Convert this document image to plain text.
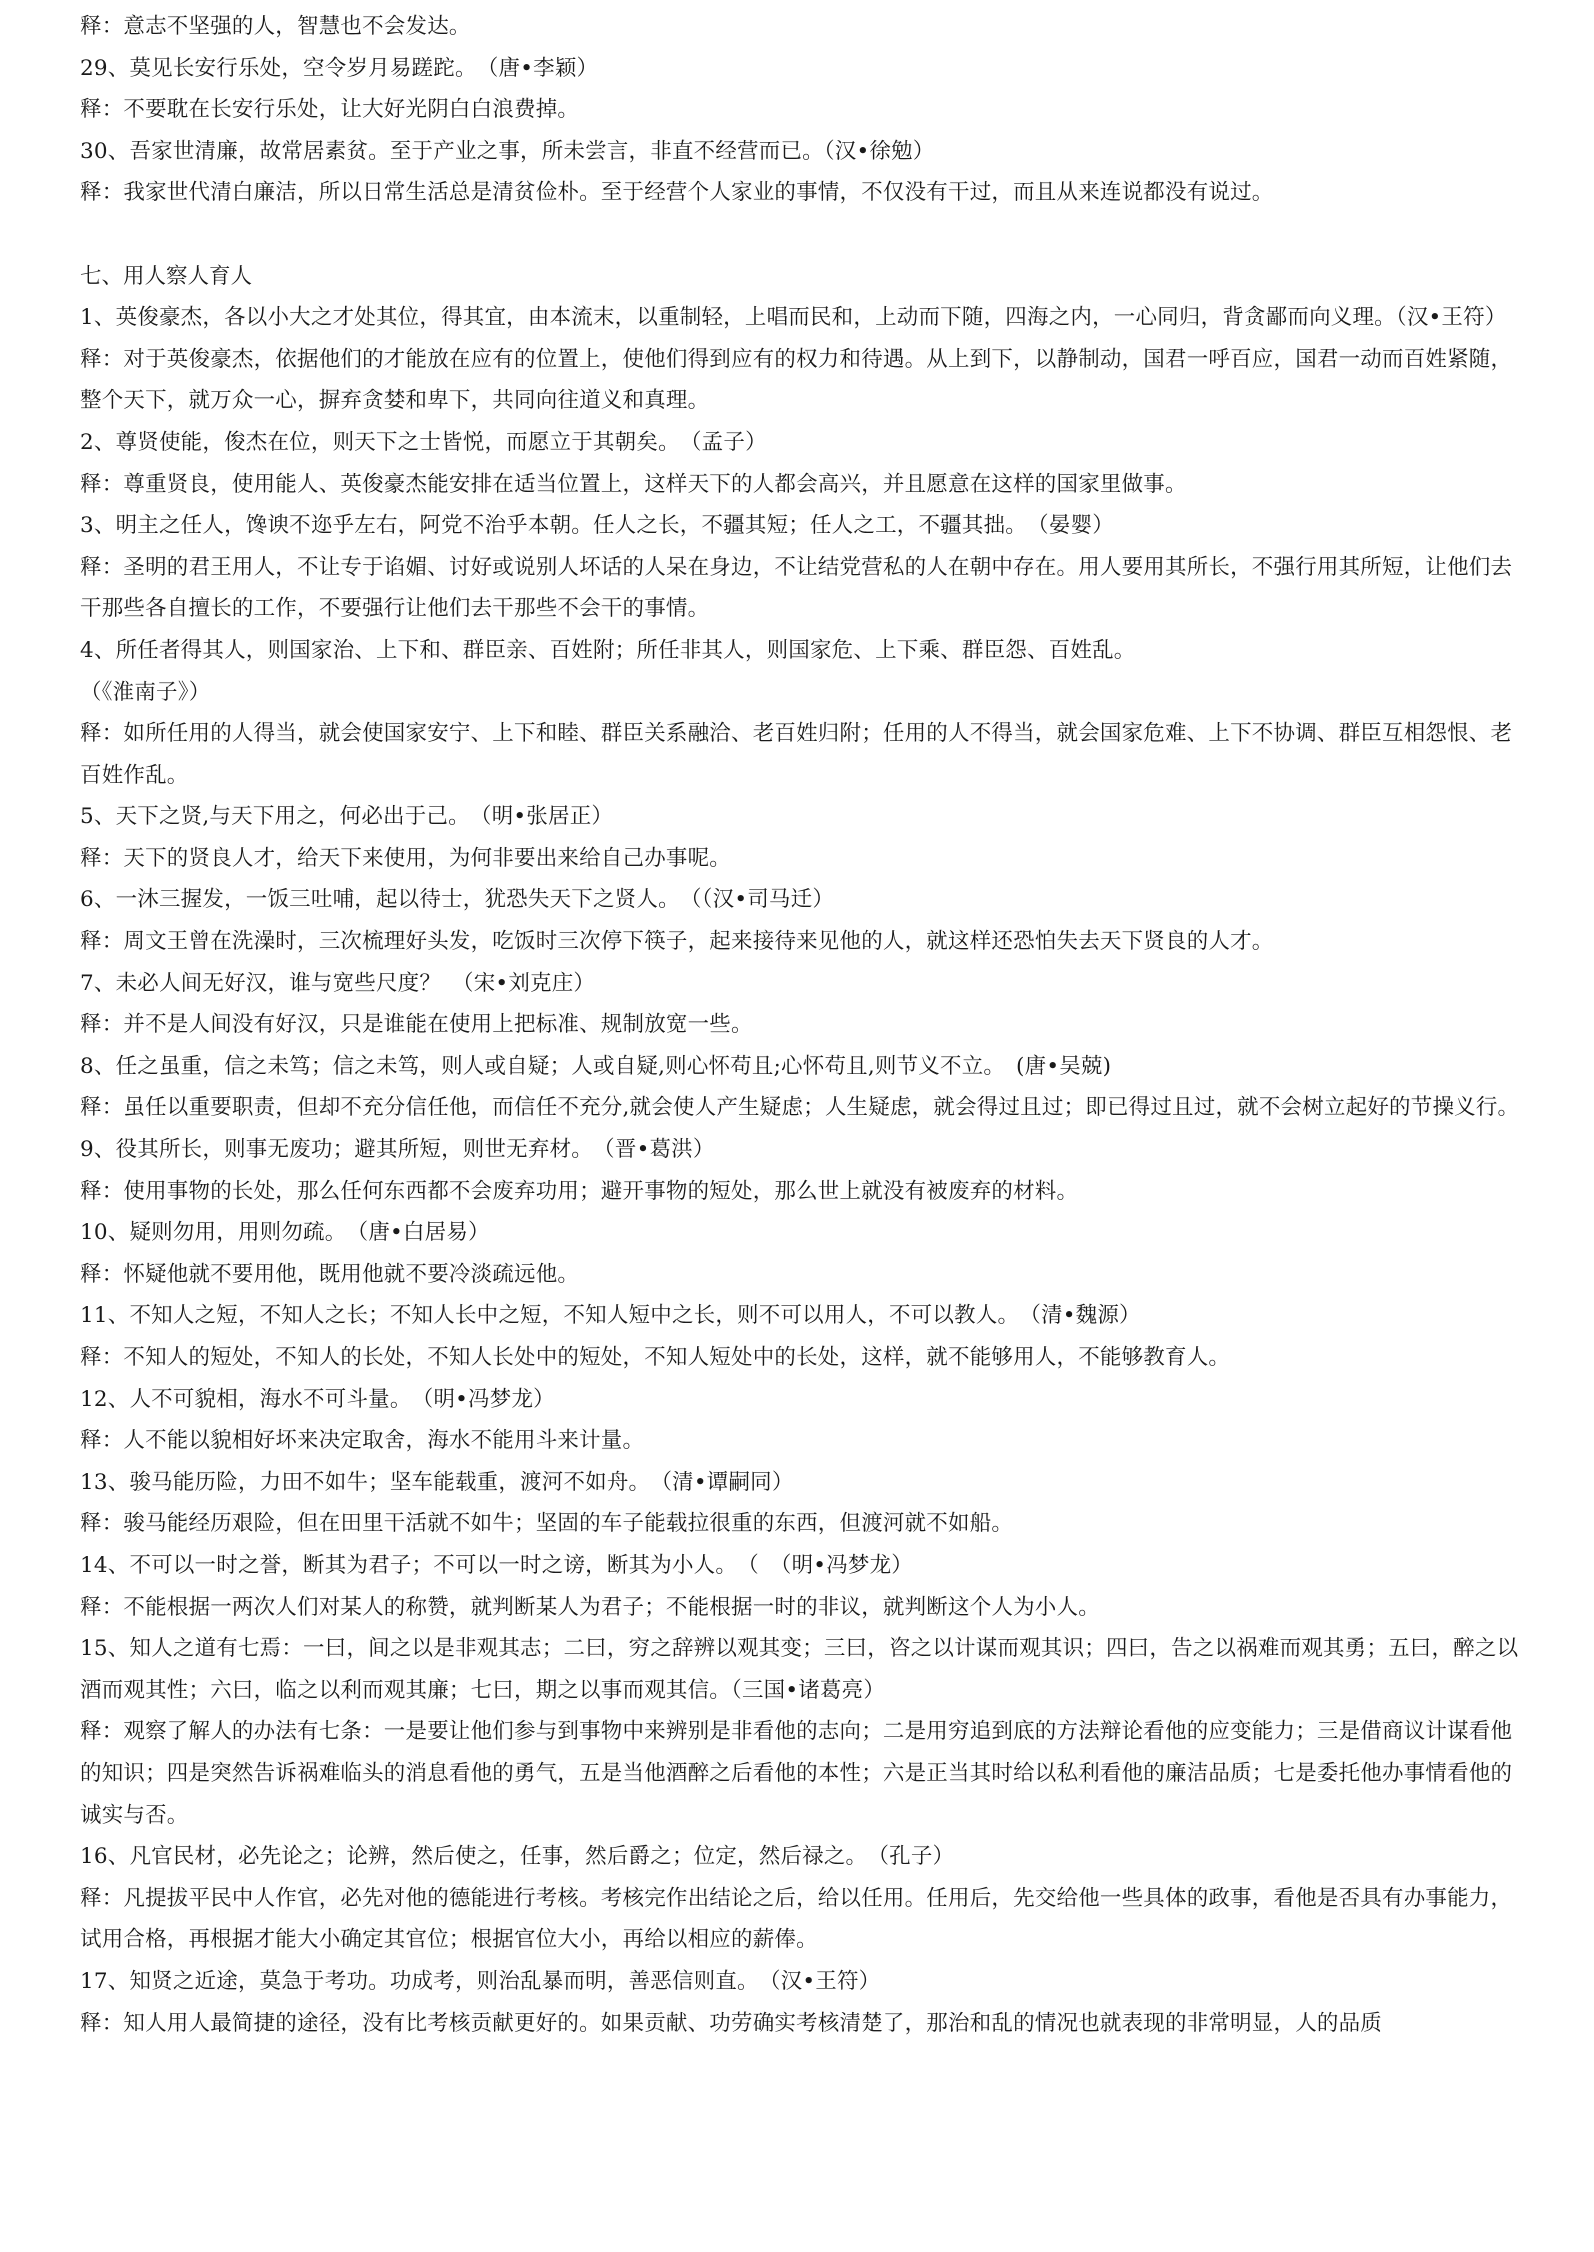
释：意志不坚强的人，智慧也不会发达。
29、莫见长安行乐处，空令岁月易蹉跎。　（唐•李颖）
释：不要耽在长安行乐处，让大好光阴白白浪费掉。
30、吾家世清廉，故常居素贫。至于产业之事，所未尝言，非直不经营而已。（汉•徐勉）
释：我家世代清白廉洁，所以日常生活总是清贫俭朴。至于经营个人家业的事情，不仅没有干过，而且从来连说都没有说过。

七、用人察人育人
1、英俊豪杰，各以小大之才处其位，得其宜，由本流末，以重制轻，上唱而民和，上动而下随，四海之内，一心同归，背贪鄙而向义理。（汉•王符）
释：对于英俊豪杰，依据他们的才能放在应有的位置上，使他们得到应有的权力和待遇。从上到下，以静制动，国君一呼百应，国君一动而百姓紧随，整个天下，就万众一心，摒弃贪婪和卑下，共同向往道义和真理。
2、尊贤使能，俊杰在位，则天下之士皆悦，而愿立于其朝矣。　（孟子）
释：尊重贤良，使用能人、英俊豪杰能安排在适当位置上，这样天下的人都会高兴，并且愿意在这样的国家里做事。
3、明主之任人，馋谀不迩乎左右，阿党不治乎本朝。任人之长，不疆其短；任人之工，不疆其拙。　（晏婴）
释：圣明的君王用人，不让专于谄媚、讨好或说别人坏话的人呆在身边，不让结党营私的人在朝中存在。用人要用其所长，不强行用其所短，让他们去干那些各自擅长的工作，不要强行让他们去干那些不会干的事情。
4、所任者得其人，则国家治、上下和、群臣亲、百姓附；所任非其人，则国家危、上下乘、群臣怨、百姓乱。
（《淮南子》）
释：如所任用的人得当，就会使国家安宁、上下和睦、群臣关系融洽、老百姓归附；任用的人不得当，就会国家危难、上下不协调、群臣互相怨恨、老百姓作乱。
5、天下之贤,与天下用之，何必出于己。　（明•张居正）
释：天下的贤良人才，给天下来使用，为何非要出来给自己办事呢。
6、一沐三握发，一饭三吐哺，起以待士，犹恐失天下之贤人。　（（汉•司马迁）
释：周文王曾在洗澡时，三次梳理好头发，吃饭时三次停下筷子，起来接待来见他的人，就这样还恐怕失去天下贤良的人才。
7、未必人间无好汉，谁与宽些尺度？　（宋•刘克庄）
释：并不是人间没有好汉，只是谁能在使用上把标准、规制放宽一些。
8、任之虽重，信之未笃；信之未笃，则人或自疑；人或自疑,则心怀苟且;心怀苟且,则节义不立。　(唐•吴兢)
释：虽任以重要职责，但却不充分信任他，而信任不充分,就会使人产生疑虑；人生疑虑，就会得过且过；即已得过且过，就不会树立起好的节操义行。
9、役其所长，则事无废功；避其所短，则世无弃材。　（晋•葛洪）
释：使用事物的长处，那么任何东西都不会废弃功用；避开事物的短处，那么世上就没有被废弃的材料。
10、疑则勿用，用则勿疏。　（唐•白居易）
释：怀疑他就不要用他，既用他就不要冷淡疏远他。
11、不知人之短，不知人之长；不知人长中之短，不知人短中之长，则不可以用人，不可以教人。　（清•魏源）
释：不知人的短处，不知人的长处，不知人长处中的短处，不知人短处中的长处，这样，就不能够用人，不能够教育人。
12、人不可貌相，海水不可斗量。　（明•冯梦龙）
释：人不能以貌相好坏来决定取舍，海水不能用斗来计量。
13、骏马能历险，力田不如牛；坚车能载重，渡河不如舟。　（清•谭嗣同）
释：骏马能经历艰险，但在田里干活就不如牛；坚固的车子能载拉很重的东西，但渡河就不如船。
14、不可以一时之誉，断其为君子；不可以一时之谤，断其为小人。　（　（明•冯梦龙）
释：不能根据一两次人们对某人的称赞，就判断某人为君子；不能根据一时的非议，就判断这个人为小人。
15、知人之道有七焉：一曰，间之以是非观其志；二曰，穷之辞辨以观其变；三曰，咨之以计谋而观其识；四曰，告之以祸难而观其勇；五曰，醉之以酒而观其性；六曰，临之以利而观其廉；七曰，期之以事而观其信。（三国•诸葛亮）
释：观察了解人的办法有七条：一是要让他们参与到事物中来辨别是非看他的志向；二是用穷追到底的方法辩论看他的应变能力；三是借商议计谋看他的知识；四是突然告诉祸难临头的消息看他的勇气，五是当他酒醉之后看他的本性；六是正当其时给以私利看他的廉洁品质；七是委托他办事情看他的诚实与否。
16、凡官民材，必先论之；论辨，然后使之，任事，然后爵之；位定，然后禄之。　（孔子）
释：凡提拔平民中人作官，必先对他的德能进行考核。考核完作出结论之后，给以任用。任用后，先交给他一些具体的政事，看他是否具有办事能力，试用合格，再根据才能大小确定其官位；根据官位大小，再给以相应的薪俸。
17、知贤之近途，莫急于考功。功成考，则治乱暴而明，善恶信则直。　（汉•王符）
释：知人用人最简捷的途径，没有比考核贡献更好的。如果贡献、功劳确实考核清楚了，那治和乱的情况也就表现的非常明显，人的品质
